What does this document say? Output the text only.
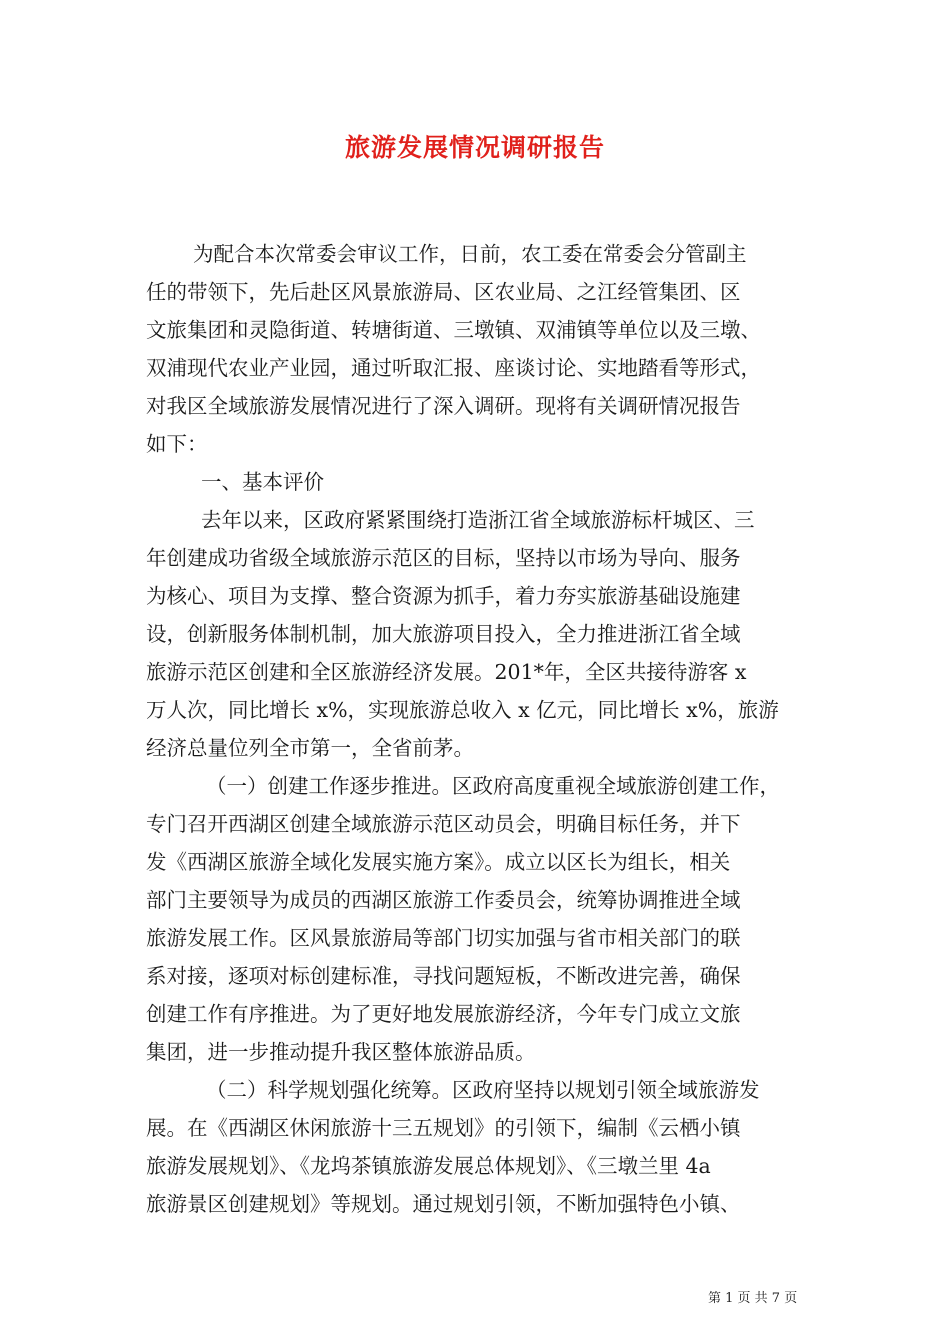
旅游发展情况调研报告
为配合本次常委会审议工作，日前，农工委在常委会分管副主
任的带领下，先后赴区风景旅游局、区农业局、之江经管集团、区
文旅集团和灵隐街道、转塘街道、三墩镇、双浦镇等单位以及三墩、
双浦现代农业产业园，通过听取汇报、座谈讨论、实地踏看等形式，
对我区全域旅游发展情况进行了深入调研。现将有关调研情况报告
如下：
一、基本评价
去年以来，区政府紧紧围绕打造浙江省全域旅游标杆城区、三
年创建成功省级全域旅游示范区的目标，坚持以市场为导向、服务
为核心、项目为支撑、整合资源为抓手，着力夯实旅游基础设施建
设，创新服务体制机制，加大旅游项目投入，全力推进浙江省全域
旅游示范区创建和全区旅游经济发展。201*年，全区共接待游客 x
万人次，同比增长 x%，实现旅游总收入 x 亿元，同比增长 x%，旅游
经济总量位列全市第一，全省前茅。
（一）创建工作逐步推进。区政府高度重视全域旅游创建工作，
专门召开西湖区创建全域旅游示范区动员会，明确目标任务，并下
发《西湖区旅游全域化发展实施方案》。成立以区长为组长，相关
部门主要领导为成员的西湖区旅游工作委员会，统筹协调推进全域
旅游发展工作。区风景旅游局等部门切实加强与省市相关部门的联
系对接，逐项对标创建标准，寻找问题短板，不断改进完善，确保
创建工作有序推进。为了更好地发展旅游经济，今年专门成立文旅
集团，进一步推动提升我区整体旅游品质。
（二）科学规划强化统筹。区政府坚持以规划引领全域旅游发
展。在《西湖区休闲旅游十三五规划》的引领下，编制《云栖小镇
旅游发展规划》、《龙坞茶镇旅游发展总体规划》、《三墩兰里 4a
旅游景区创建规划》等规划。通过规划引领，不断加强特色小镇、
第 1 页 共 7 页
